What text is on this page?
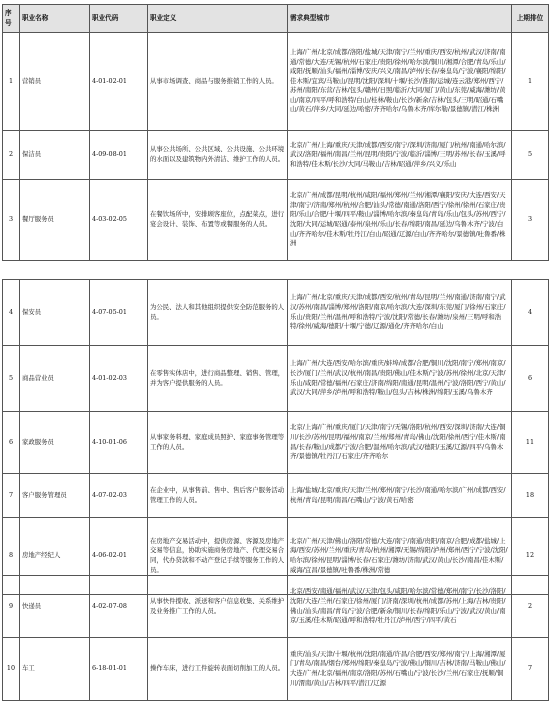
序号	职业名称	职业代码	职业定义	需求典型城市	上期排位
1	营销员	4-01-02-01	从事市场调查、商品与服务推销工作的人员。	上海/广州/北京/成都/洛阳/盐城/天津/南宁/兰州/重庆/西安/杭州/武汉/济南/南通/常德/大连/无锡/杭州/石家庄/贵阳/徐州/哈尔滨/铜川/湘潭/合肥/青岛/乐山/咸阳/抚顺/汕头/福州/淄博/安庆/兴义/南昌/泸州/长春/秦皇岛/宁波/襄阳/绵阳/佳木斯/宜宾/马鞍山/昆明/沈阳/深圳/十堰/长沙/淮南/运城/连云港/郑州/西宁/苏州/南阳/东营/吉林/包头/赣州/日照/临沂/大同/厦门/黄山/东莞/威海/潍坊/黄山/南京/四平/呼和浩特/白山/桂林/鞍山/长沙/新余/吉林/包头/三明/昭通/石嘴山/黄石/萍乡/大同/延边/哈密/齐齐哈尔/乌鲁木齐/库尔勒/景德镇/潜江/株洲	1
2	保洁员	4-09-08-01	从事公共场所、公共区域、公共设施、公共环境的水面以及建筑物内外清洁、维护工作的人员。	北京/广州/上海/重庆/天津/成都/西安/南宁/深圳/济南/厦门/杭州/南通/哈尔滨/武汉/洛阳/福州/南昌/兰州/昆明/贵阳/宁波/临沂/淄博/三明/苏州/长春/玉溪/呼和浩特/佳木斯/长沙/大同/马鞍山/吉林/昭通/萍乡/兴义/乐山	5
3	餐厅服务员	4-03-02-05	在餐饮场所中，安排顾客座位，点配菜点，进行宴会设计、装饰、布置等或餐服务的人员。	北京/广州/成都/昆明/杭州/咸阳/福州/郑州/兰州/湘潭/襄阳/安庆/大连/西安/天津/南宁/济南/郑州/杭州/合肥/汕头/常德/南通/洛阳/西宁/徐州/徐州/石家庄/贵阳/乐山/合肥/十堰/四平/鞍山/淄博/哈尔滨/秦皇岛/青岛/乐山/包头/苏州/西宁/沈阳/大同/运城/昭通/泰州/泉州/乐山/长春/绵阳/南昌/延边/乌鲁木齐/宁波/白山/齐齐哈尔/佳木斯/牡丹江/白山/昭通/辽源/白山/齐齐哈尔/景德镇/吐鲁番/株洲	3
4	保安员	4-07-05-01	为公民、法人和其他组织提供安全防范服务的人员。	上海/广州/北京/重庆/天津/成都/西安/杭州/青岛/昆明/兰州/南通/济南/南宁/武汉/苏州/南昌/淄博/郑州/洛阳/南京/哈尔滨/大连/深圳/东莞/厦门/徐州/石家庄/乐山/贵阳/兰州/温州/呼和浩特/宁波/沈阳/常德/长春/潍坊/泉州/三明/呼和浩特/徐州/威海/德阳/十堰/宁德/辽源/通化/齐齐哈尔/白山	4
5	商品营业员	4-01-02-03	在零售实体店中，进行商品整理、销售、管理，并为客户提供服务的人员。	上海/广州/大连/西安/哈尔滨/重庆/蚌埠/成都/合肥/铜川/沈阳/南宁/郑州/南京/长沙/厦门/兰州/武汉/杭州/南昌/贵阳/佛山/佳木斯/宁波/苏州/徐州/北京/天津/乐山/咸阳/常德/福州/石家庄/济南/绵阳/南通/昆明/温州/宁波/洛阳/西宁/黄山/武汉/大同/萍乡/泸州/呼和浩特/鞍山/包头/吉林/株洲/绵阳/玉溪/乌鲁木齐	6
6	家政服务员	4-10-01-06	从事家务料理、家庭成员照护、家庭事务管理等工作的人员。	北京/上海/广州/重庆/厦门/天津/南宁/无锡/洛阳/杭州/西安/深圳/济南/大连/铜川/长沙/苏州/昆明/福州/南京/兰州/郑州/青岛/佛山/沈阳/徐州/西宁/佳木斯/南昌/长春/鞍山/成都/宁波/合肥/温州/哈尔滨/武汉/德阳/玉溪/辽源/四平/乌鲁木齐/景德镇/牡丹江/石家庄/齐齐哈尔	11
7	客户服务管理员	4-07-02-03	在企业中，从事售前、售中、售后客户服务活动管理工作的人员。	上海/盐城/北京/重庆/天津/兰州/郑州/南宁/长沙/南通/哈尔滨/广州/成都/西安/杭州/青岛/昆明/南昌/石嘴山/宁波/黄石/哈密	18
8	房地产经纪人	4-06-02-01	在房地产交易活动中，提供房源、客源及房地产交易等信息，协助实施商务房地产、代理交易合同，代办贷款和不动产登记手续等服务工作的人员。	北京/广州/天津/佛山/洛阳/常德/大连/南宁/南通/贵阳/南京/合肥/成都/盐城/上海/西安/苏州/兰州/重庆/青岛/杭州/湘潭/无锡/绵阳/泸州/郑州/西宁/宁波/沈阳/哈尔滨/徐州/昆明/淄博/长春/石家庄/潍坊/济南/武汉/黄山/长沙/南昌/佳木斯/威海/宜昌/景德镇/吐鲁番/株洲/常德	12
9	快递员	4-02-07-08	从事快件揽收、派送和客户信息收集、关系维护及业务推广工作的人员。	北京/西安/南通/福州/武汉/天津/包头/咸阳/哈尔滨/常德/郑州/南宁/长沙/洛阳/沈阳/大连/兰州/石家庄/徐州/厦门/济南/深圳/杭州/成都/苏州/上海/吉林/贵阳/佛山/汕头/南昌/青岛/宁波/合肥/新余/铜川/长春/绵阳/乐山/宁波/武汉/黄山/南京/玉溪/佳木斯/昭通/呼和浩特/牡丹江/泸州/西宁/四平/黄石	2
10	车工	6-18-01-01	操作车床，进行工件旋转表面切削加工的人员。	重庆/汕头/天津/十堰/杭州/沈阳/南通/许昌/合肥/西安/郑州/南宁/上海/湘潭/厦门/青岛/南昌/烟台/郑州/绵阳/秦皇岛/宁波/佛山/铜川/吉林/济南/马鞍山/佛山/大连/广州/北京/福州/南京/洛阳/苏州/石嘴山/宁波/长沙/兰州/石家庄/抚顺/铜川/渭南/黄山/吉林/四平/潜江/辽源	7
